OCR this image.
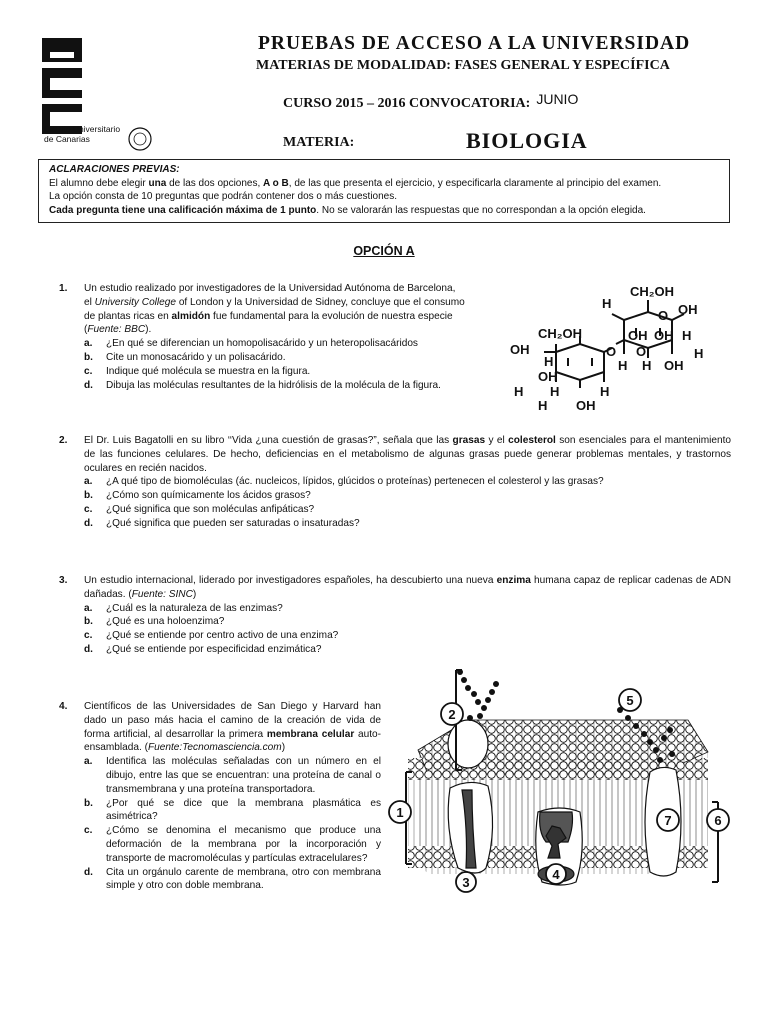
Distrito Universitario
de Canarias
PRUEBAS DE ACCESO A LA UNIVERSIDAD
MATERIAS DE MODALIDAD: FASES GENERAL Y ESPECÍFICA
CURSO 2015 – 2016 CONVOCATORIA: JUNIO
MATERIA:	BIOLOGIA
ACLARACIONES PREVIAS:
El alumno debe elegir una de las dos opciones, A o B, de las que presenta el ejercicio, y especificarla claramente al principio del examen.
La opción consta de 10 preguntas que podrán contener dos o más cuestiones.
Cada pregunta tiene una calificación máxima de 1 punto. No se valorarán las respuestas que no correspondan a la opción elegida.
OPCIÓN A
1. Un estudio realizado por investigadores de la Universidad Autónoma de Barcelona,
el University College of London y la Universidad de Sidney, concluye que el consumo
de plantas ricas en almidón fue fundamental para la evolución de nuestra especie
(Fuente: BBC).
a. ¿En qué se diferencian un homopolisacárido y un heteropolisacáridos
b. Cite un monosacárido y un polisacárido.
c. Indique qué molécula se muestra en la figura.
d. Dibuja las moléculas resultantes de la hidrólisis de la molécula de la figura.
CH₂OH
CH₂OH
OH
OH
OH
OH
OH
OH
OH
H
H
H
H
H
H
H H
H
H
O
O
O
2. El Dr. Luis Bagatolli en su libro ‘‘Vida ¿una cuestión de grasas?”, señala que las grasas y el colesterol son esenciales para el mantenimiento de las funciones celulares. De hecho, deficiencias en el metabolismo de algunas grasas puede generar problemas mentales, y trastornos oculares en recién nacidos.
a. ¿A qué tipo de biomoléculas (ác. nucleicos, lípidos, glúcidos o proteínas) pertenecen el colesterol y las grasas?
b. ¿Cómo son químicamente los ácidos grasos?
c. ¿Qué significa que son moléculas anfipáticas?
d. ¿Qué significa que pueden ser saturadas o insaturadas?
3. Un estudio internacional, liderado por investigadores españoles, ha descubierto una nueva enzima humana capaz de replicar cadenas de ADN dañadas. (Fuente: SINC)
a. ¿Cuál es la naturaleza de las enzimas?
b. ¿Qué es una holoenzima?
c. ¿Qué se entiende por centro activo de una enzima?
d. ¿Qué se entiende por especificidad enzimática?
4. Científicos de las Universidades de San Diego y Harvard han dado un paso más hacia el camino de la creación de vida de forma artificial, al desarrollar la primera membrana celular auto-ensamblada. (Fuente:Tecnomasciencia.com)
a. Identifica las moléculas señaladas con un número en el dibujo, entre las que se encuentran: una proteína de canal o transmembrana y una proteína transportadora.
b. ¿Por qué se dice que la membrana plasmática es asimétrica?
c. ¿Cómo se denomina el mecanismo que produce una deformación de la membrana por la incorporación y transporte de macromoléculas y partículas extracelulares?
d. Cita un orgánulo carente de membrana, otro con membrana simple y otro con doble membrana.
1
2
3
4
5
6
7
